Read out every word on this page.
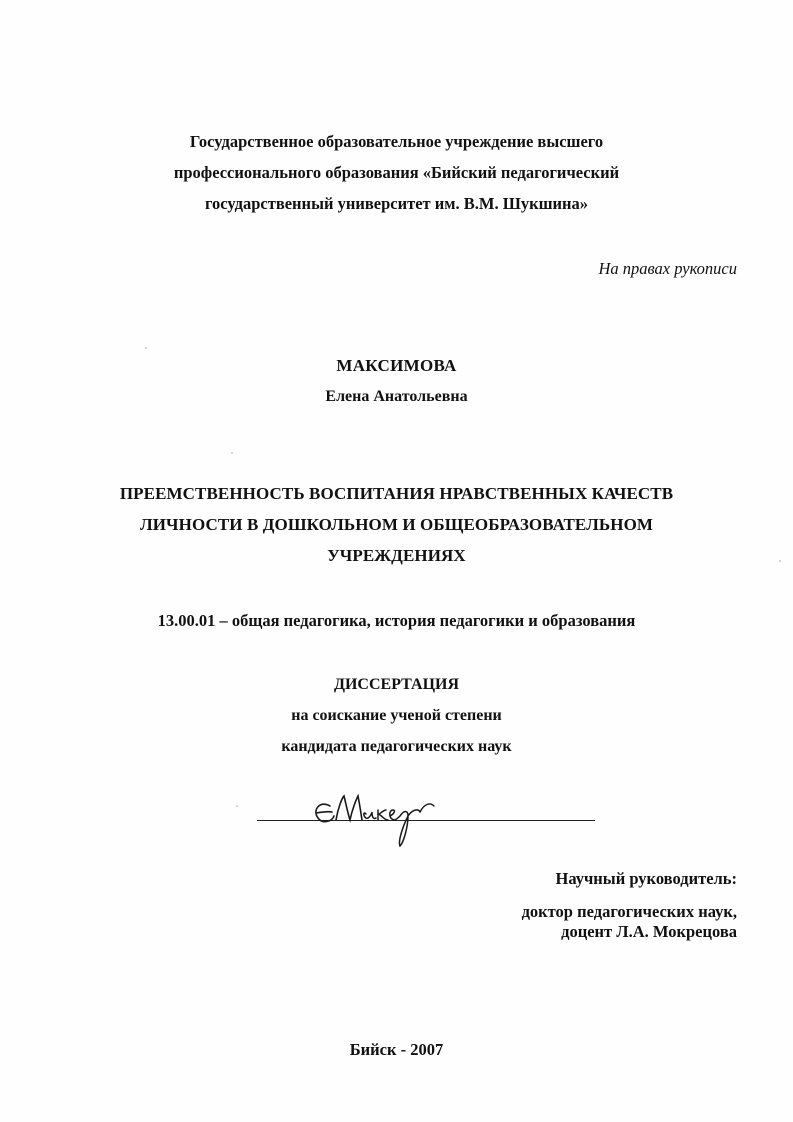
Государственное образовательное учреждение высшего
профессионального образования «Бийский педагогический
государственный университет им. В.М. Шукшина»
На правах рукописи
МАКСИМОВА
Елена Анатольевна
ПРЕЕМСТВЕННОСТЬ ВОСПИТАНИЯ НРАВСТВЕННЫХ КАЧЕСТВ
ЛИЧНОСТИ В ДОШКОЛЬНОМ И ОБЩЕОБРАЗОВАТЕЛЬНОМ
УЧРЕЖДЕНИЯХ
13.00.01 – общая педагогика, история педагогики и образования
ДИССЕРТАЦИЯ
на соискание ученой степени
кандидата педагогических наук
Научный руководитель:
доктор педагогических наук,
доцент Л.А. Мокрецова
Бийск - 2007
